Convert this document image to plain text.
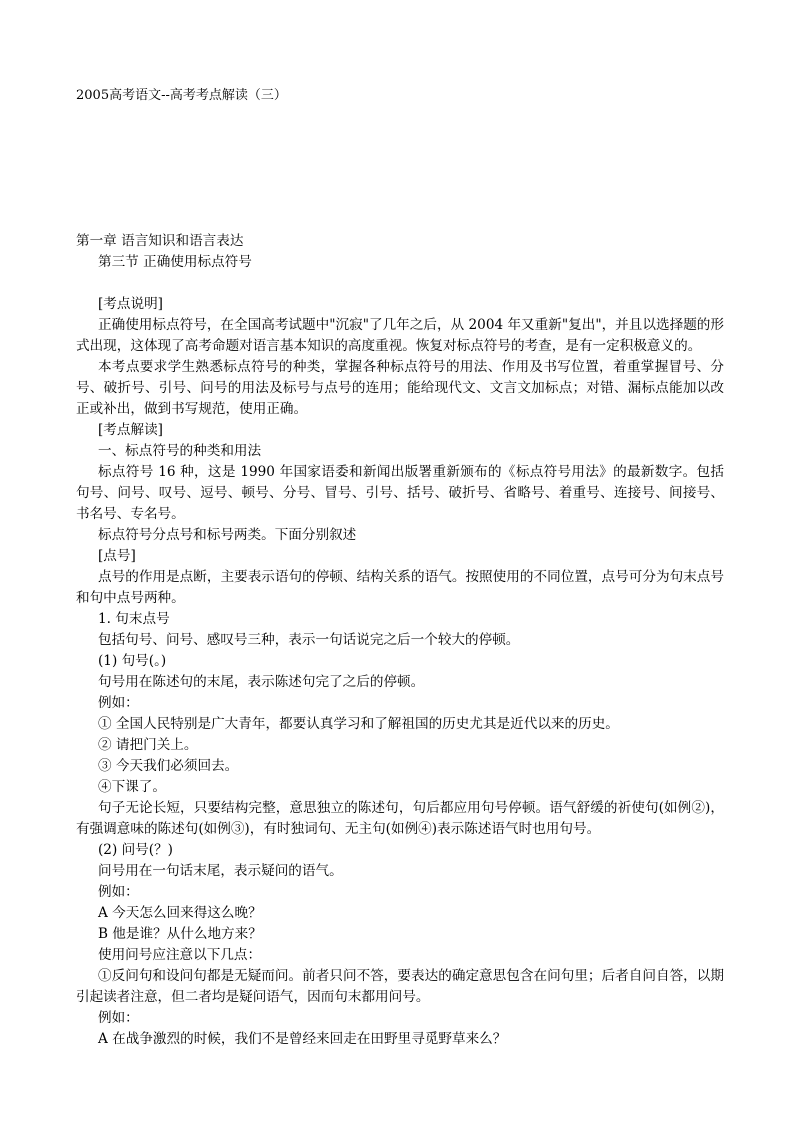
2005高考语文--高考考点解读（三）

第一章 语言知识和语言表达

第三节 正确使用标点符号

[考点说明]

正确使用标点符号，在全国高考试题中"沉寂"了几年之后，从 2004 年又重新"复出"，并且以选择题的形式出现，这体现了高考命题对语言基本知识的高度重视。恢复对标点符号的考查，是有一定积极意义的。

本考点要求学生熟悉标点符号的种类，掌握各种标点符号的用法、作用及书写位置，着重掌握冒号、分号、破折号、引号、问号的用法及标号与点号的连用；能给现代文、文言文加标点；对错、漏标点能加以改正或补出，做到书写规范，使用正确。

[考点解读]

一、标点符号的种类和用法

标点符号 16 种，这是 1990 年国家语委和新闻出版署重新颁布的《标点符号用法》的最新数字。包括句号、问号、叹号、逗号、顿号、分号、冒号、引号、括号、破折号、省略号、着重号、连接号、间接号、书名号、专名号。

标点符号分点号和标号两类。下面分别叙述

[点号]

点号的作用是点断，主要表示语句的停顿、结构关系的语气。按照使用的不同位置，点号可分为句末点号和句中点号两种。

1. 句末点号

包括句号、问号、感叹号三种，表示一句话说完之后一个较大的停顿。

(1) 句号(。)

句号用在陈述句的末尾，表示陈述句完了之后的停顿。

例如：

① 全国人民特别是广大青年，都要认真学习和了解祖国的历史尤其是近代以来的历史。

② 请把门关上。

③ 今天我们必须回去。

④下课了。

句子无论长短，只要结构完整，意思独立的陈述句，句后都应用句号停顿。语气舒缓的祈使句(如例②)，有强调意味的陈述句(如例③)，有时独词句、无主句(如例④)表示陈述语气时也用句号。

(2) 问号(？)

问号用在一句话末尾，表示疑问的语气。

例如：

A 今天怎么回来得这么晚？

B 他是谁？从什么地方来？

使用问号应注意以下几点：

①反问句和设问句都是无疑而问。前者只问不答，要表达的确定意思包含在问句里；后者自问自答，以期引起读者注意，但二者均是疑问语气，因而句末都用问号。

例如：

A 在战争激烈的时候，我们不是曾经来回走在田野里寻觅野草来么？
